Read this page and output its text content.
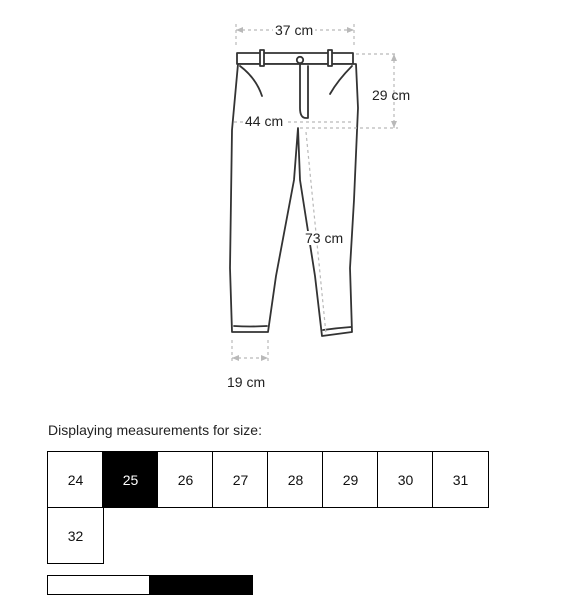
37 cm
29 cm
44 cm
73 cm
19 cm
Displaying measurements for size:
24	25	26	27	28	29	30	31
32
